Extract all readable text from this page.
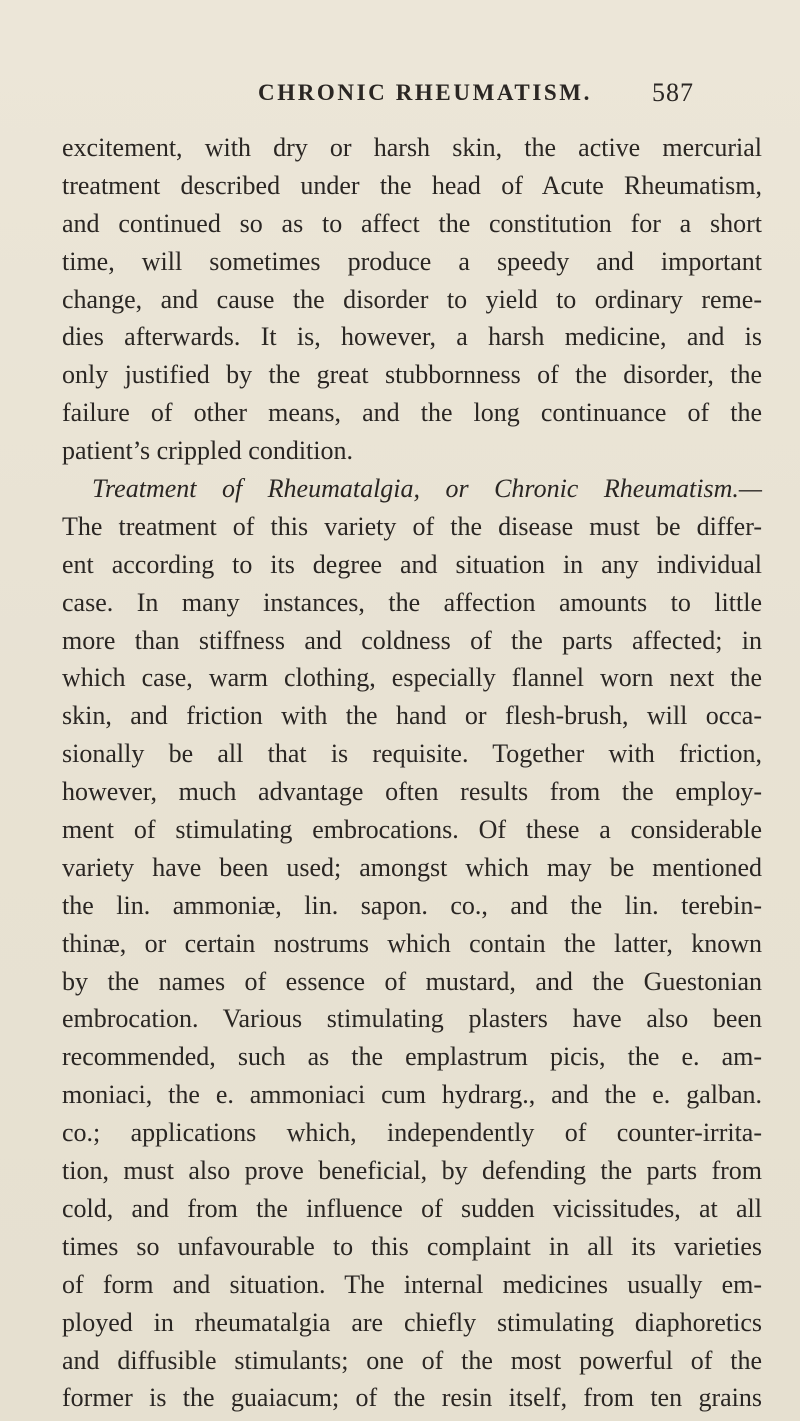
CHRONIC RHEUMATISM. 587
excitement, with dry or harsh skin, the active mercurial
treatment described under the head of Acute Rheumatism,
and continued so as to affect the constitution for a short
time, will sometimes produce a speedy and important
change, and cause the disorder to yield to ordinary reme-
dies afterwards. It is, however, a harsh medicine, and is
only justified by the great stubbornness of the disorder, the
failure of other means, and the long continuance of the
patient’s crippled condition.
Treatment of Rheumatalgia, or Chronic Rheumatism.—
The treatment of this variety of the disease must be differ-
ent according to its degree and situation in any individual
case. In many instances, the affection amounts to little
more than stiffness and coldness of the parts affected; in
which case, warm clothing, especially flannel worn next the
skin, and friction with the hand or flesh-brush, will occa-
sionally be all that is requisite. Together with friction,
however, much advantage often results from the employ-
ment of stimulating embrocations. Of these a considerable
variety have been used; amongst which may be mentioned
the lin. ammoniæ, lin. sapon. co., and the lin. terebin-
thinæ, or certain nostrums which contain the latter, known
by the names of essence of mustard, and the Guestonian
embrocation. Various stimulating plasters have also been
recommended, such as the emplastrum picis, the e. am-
moniaci, the e. ammoniaci cum hydrarg., and the e. galban.
co.; applications which, independently of counter-irrita-
tion, must also prove beneficial, by defending the parts from
cold, and from the influence of sudden vicissitudes, at all
times so unfavourable to this complaint in all its varieties
of form and situation. The internal medicines usually em-
ployed in rheumatalgia are chiefly stimulating diaphoretics
and diffusible stimulants; one of the most powerful of the
former is the guaiacum; of the resin itself, from ten grains
